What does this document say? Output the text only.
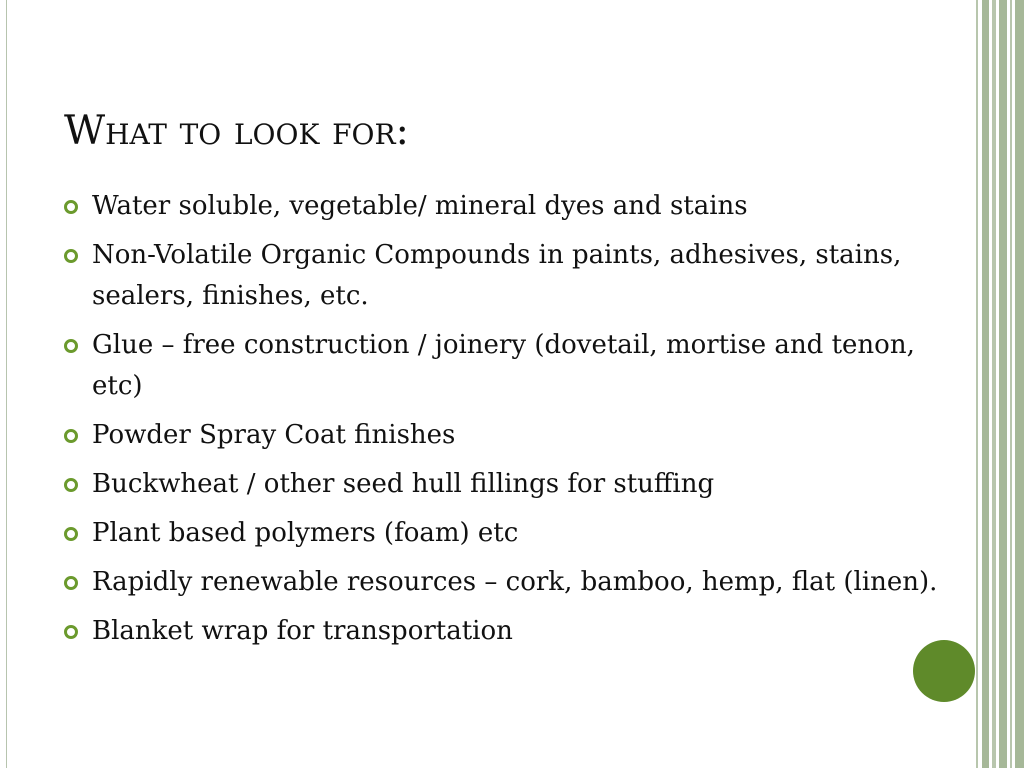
What to look for:
Water soluble, vegetable/ mineral dyes and stains
Non-Volatile Organic Compounds in paints, adhesives, stains, sealers, finishes, etc.
Glue – free construction / joinery (dovetail, mortise and tenon, etc)
Powder Spray Coat finishes
Buckwheat / other seed hull fillings for stuffing
Plant based polymers (foam) etc
Rapidly renewable resources – cork, bamboo, hemp, flat (linen).
Blanket wrap for transportation
